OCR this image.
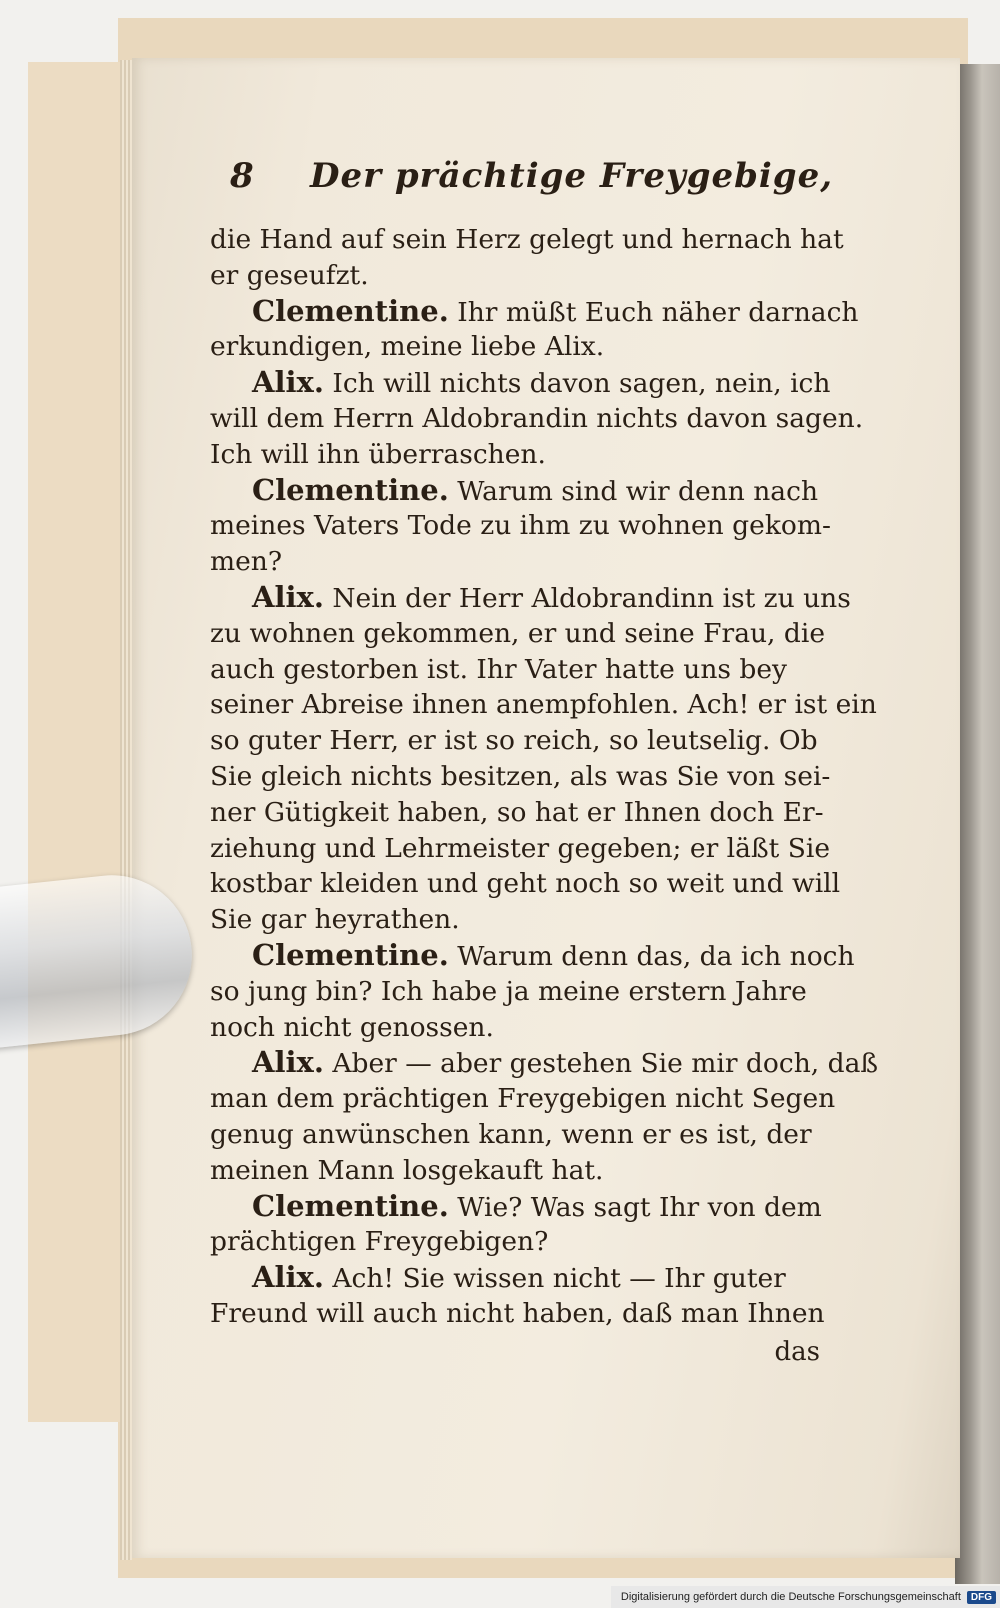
8	Der prächtige Freygebige,
die Hand auf sein Herz gelegt und hernach hat
er geseufzt.
Clementine. Ihr müßt Euch näher darnach
erkundigen, meine liebe Alix.
Alix. Ich will nichts davon sagen, nein, ich
will dem Herrn Aldobrandin nichts davon sagen.
Ich will ihn überraschen.
Clementine. Warum sind wir denn nach
meines Vaters Tode zu ihm zu wohnen gekom-
men?
Alix. Nein der Herr Aldobrandinn ist zu uns
zu wohnen gekommen, er und seine Frau, die
auch gestorben ist. Ihr Vater hatte uns bey
seiner Abreise ihnen anempfohlen. Ach! er ist ein
so guter Herr, er ist so reich, so leutselig. Ob
Sie gleich nichts besitzen, als was Sie von sei-
ner Gütigkeit haben, so hat er Ihnen doch Er-
ziehung und Lehrmeister gegeben; er läßt Sie
kostbar kleiden und geht noch so weit und will
Sie gar heyrathen.
Clementine. Warum denn das, da ich noch
so jung bin? Ich habe ja meine erstern Jahre
noch nicht genossen.
Alix. Aber — aber gestehen Sie mir doch, daß
man dem prächtigen Freygebigen nicht Segen
genug anwünschen kann, wenn er es ist, der
meinen Mann losgekauft hat.
Clementine. Wie? Was sagt Ihr von dem
prächtigen Freygebigen?
Alix. Ach! Sie wissen nicht — Ihr guter
Freund will auch nicht haben, daß man Ihnen
das
Digitalisierung gefördert durch die Deutsche Forschungsgemeinschaft	DFG
